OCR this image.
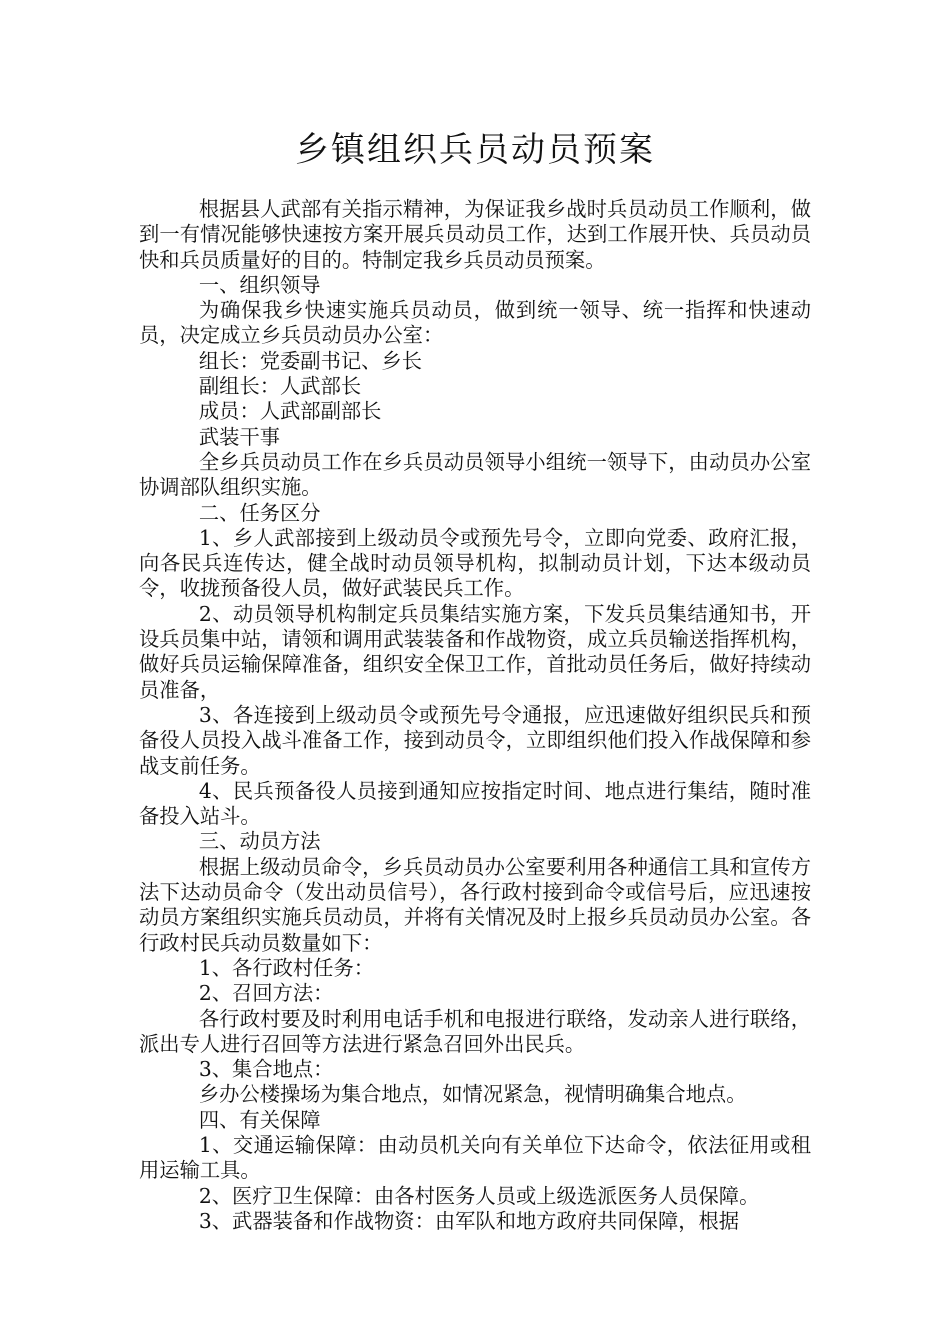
乡镇组织兵员动员预案

根据县人武部有关指示精神，为保证我乡战时兵员动员工作顺利，做到一有情况能够快速按方案开展兵员动员工作，达到工作展开快、兵员动员快和兵员质量好的目的。特制定我乡兵员动员预案。

一、组织领导

为确保我乡快速实施兵员动员，做到统一领导、统一指挥和快速动员，决定成立乡兵员动员办公室：

组长：党委副书记、乡长

副组长：人武部长

成员：人武部副部长

武装干事

全乡兵员动员工作在乡兵员动员领导小组统一领导下，由动员办公室协调部队组织实施。

二、任务区分

1、乡人武部接到上级动员令或预先号令，立即向党委、政府汇报，向各民兵连传达，健全战时动员领导机构，拟制动员计划，下达本级动员令，收拢预备役人员，做好武装民兵工作。

2、动员领导机构制定兵员集结实施方案，下发兵员集结通知书，开设兵员集中站，请领和调用武装装备和作战物资，成立兵员输送指挥机构，做好兵员运输保障准备，组织安全保卫工作，首批动员任务后，做好持续动员准备，

3、各连接到上级动员令或预先号令通报，应迅速做好组织民兵和预备役人员投入战斗准备工作，接到动员令，立即组织他们投入作战保障和参战支前任务。

4、民兵预备役人员接到通知应按指定时间、地点进行集结，随时准备投入站斗。

三、动员方法

根据上级动员命令，乡兵员动员办公室要利用各种通信工具和宣传方法下达动员命令（发出动员信号），各行政村接到命令或信号后，应迅速按动员方案组织实施兵员动员，并将有关情况及时上报乡兵员动员办公室。各行政村民兵动员数量如下：

1、各行政村任务：

2、召回方法：

各行政村要及时利用电话手机和电报进行联络，发动亲人进行联络，派出专人进行召回等方法进行紧急召回外出民兵。

3、集合地点：

乡办公楼操场为集合地点，如情况紧急，视情明确集合地点。

四、有关保障

1、交通运输保障：由动员机关向有关单位下达命令，依法征用或租用运输工具。

2、医疗卫生保障：由各村医务人员或上级选派医务人员保障。

3、武器装备和作战物资：由军队和地方政府共同保障，根据
